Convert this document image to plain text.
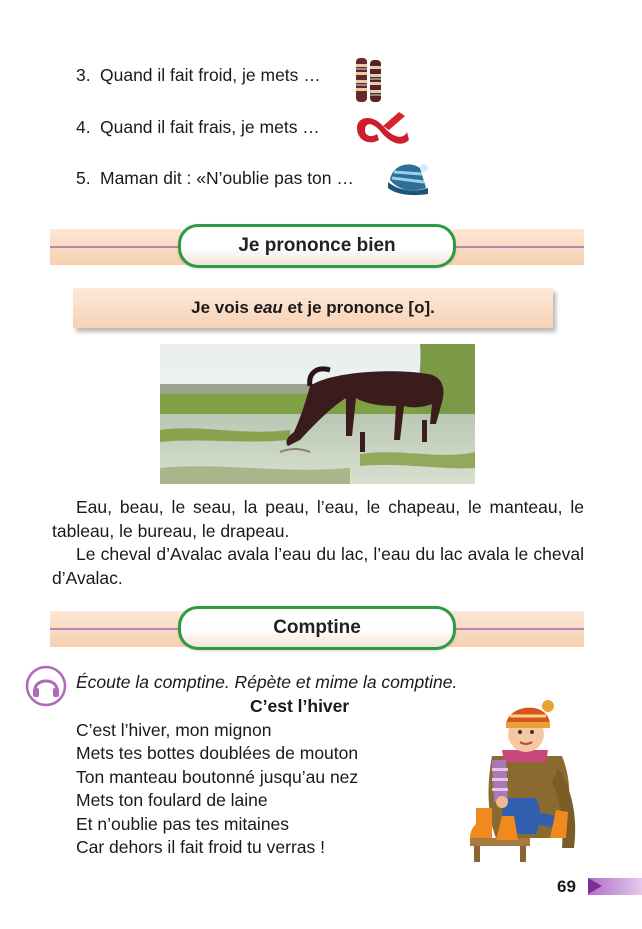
3. Quand il fait froid, je mets …
4. Quand il fait frais, je mets …
5. Maman dit : «N’oublie pas ton …
Je prononce bien
Je vois eau et je prononce [o].

Eau, beau, le seau, la peau, l’eau, le chapeau, le manteau, le tableau, le bureau, le drapeau.

Le cheval d’Avalac avala l’eau du lac, l’eau du lac avala le cheval d’Avalac.

Comptine
Écoute la comptine. Répète et mime la comptine.
C’est l’hiver
C’est l’hiver, mon mignon
Mets tes bottes doublées de mouton
Ton manteau boutonné jusqu’au nez
Mets ton foulard de laine
Et n’oublie pas tes mitaines
Car dehors il fait froid tu verras !
69
